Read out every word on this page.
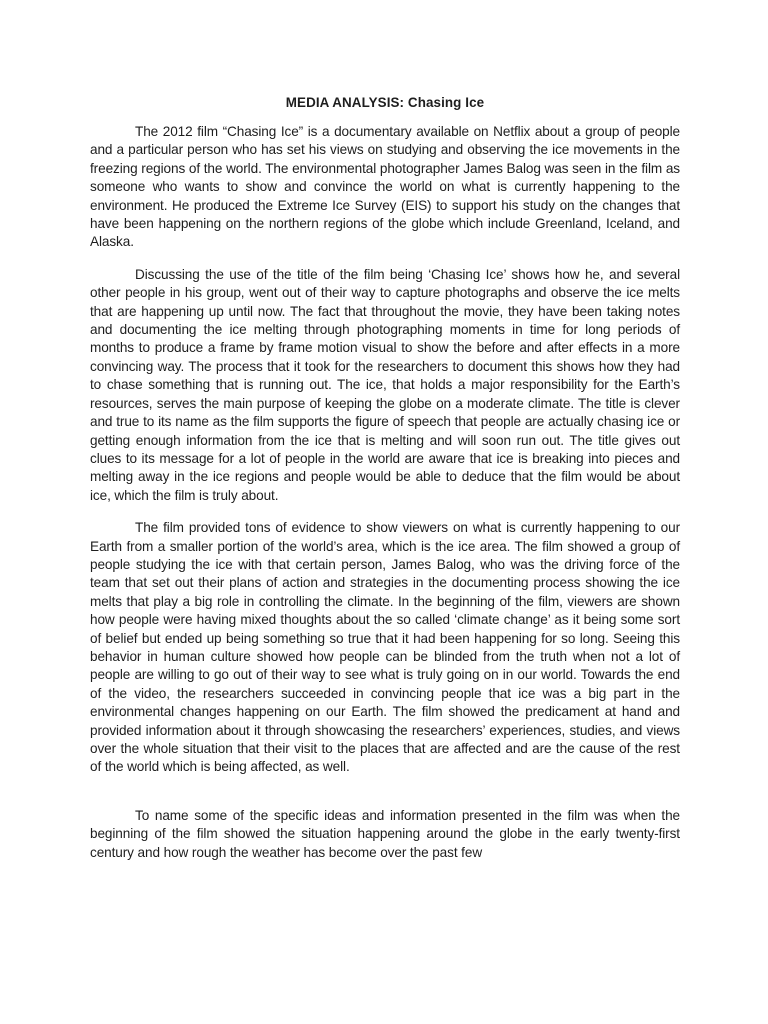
MEDIA ANALYSIS: Chasing Ice

The 2012 film “Chasing Ice” is a documentary available on Netflix about a group of people and a particular person who has set his views on studying and observing the ice movements in the freezing regions of the world. The environmental photographer James Balog was seen in the film as someone who wants to show and convince the world on what is currently happening to the environment. He produced the Extreme Ice Survey (EIS) to support his study on the changes that have been happening on the northern regions of the globe which include Greenland, Iceland, and Alaska.

Discussing the use of the title of the film being ‘Chasing Ice’ shows how he, and several other people in his group, went out of their way to capture photographs and observe the ice melts that are happening up until now. The fact that throughout the movie, they have been taking notes and documenting the ice melting through photographing moments in time for long periods of months to produce a frame by frame motion visual to show the before and after effects in a more convincing way. The process that it took for the researchers to document this shows how they had to chase something that is running out. The ice, that holds a major responsibility for the Earth’s resources, serves the main purpose of keeping the globe on a moderate climate. The title is clever and true to its name as the film supports the figure of speech that people are actually chasing ice or getting enough information from the ice that is melting and will soon run out. The title gives out clues to its message for a lot of people in the world are aware that ice is breaking into pieces and melting away in the ice regions and people would be able to deduce that the film would be about ice, which the film is truly about.

The film provided tons of evidence to show viewers on what is currently happening to our Earth from a smaller portion of the world’s area, which is the ice area. The film showed a group of people studying the ice with that certain person, James Balog, who was the driving force of the team that set out their plans of action and strategies in the documenting process showing the ice melts that play a big role in controlling the climate. In the beginning of the film, viewers are shown how people were having mixed thoughts about the so called ‘climate change’ as it being some sort of belief but ended up being something so true that it had been happening for so long. Seeing this behavior in human culture showed how people can be blinded from the truth when not a lot of people are willing to go out of their way to see what is truly going on in our world. Towards the end of the video, the researchers succeeded in convincing people that ice was a big part in the environmental changes happening on our Earth. The film showed the predicament at hand and provided information about it through showcasing the researchers’ experiences, studies, and views over the whole situation that their visit to the places that are affected and are the cause of the rest of the world which is being affected, as well.

To name some of the specific ideas and information presented in the film was when the beginning of the film showed the situation happening around the globe in the early twenty-first century and how rough the weather has become over the past few
